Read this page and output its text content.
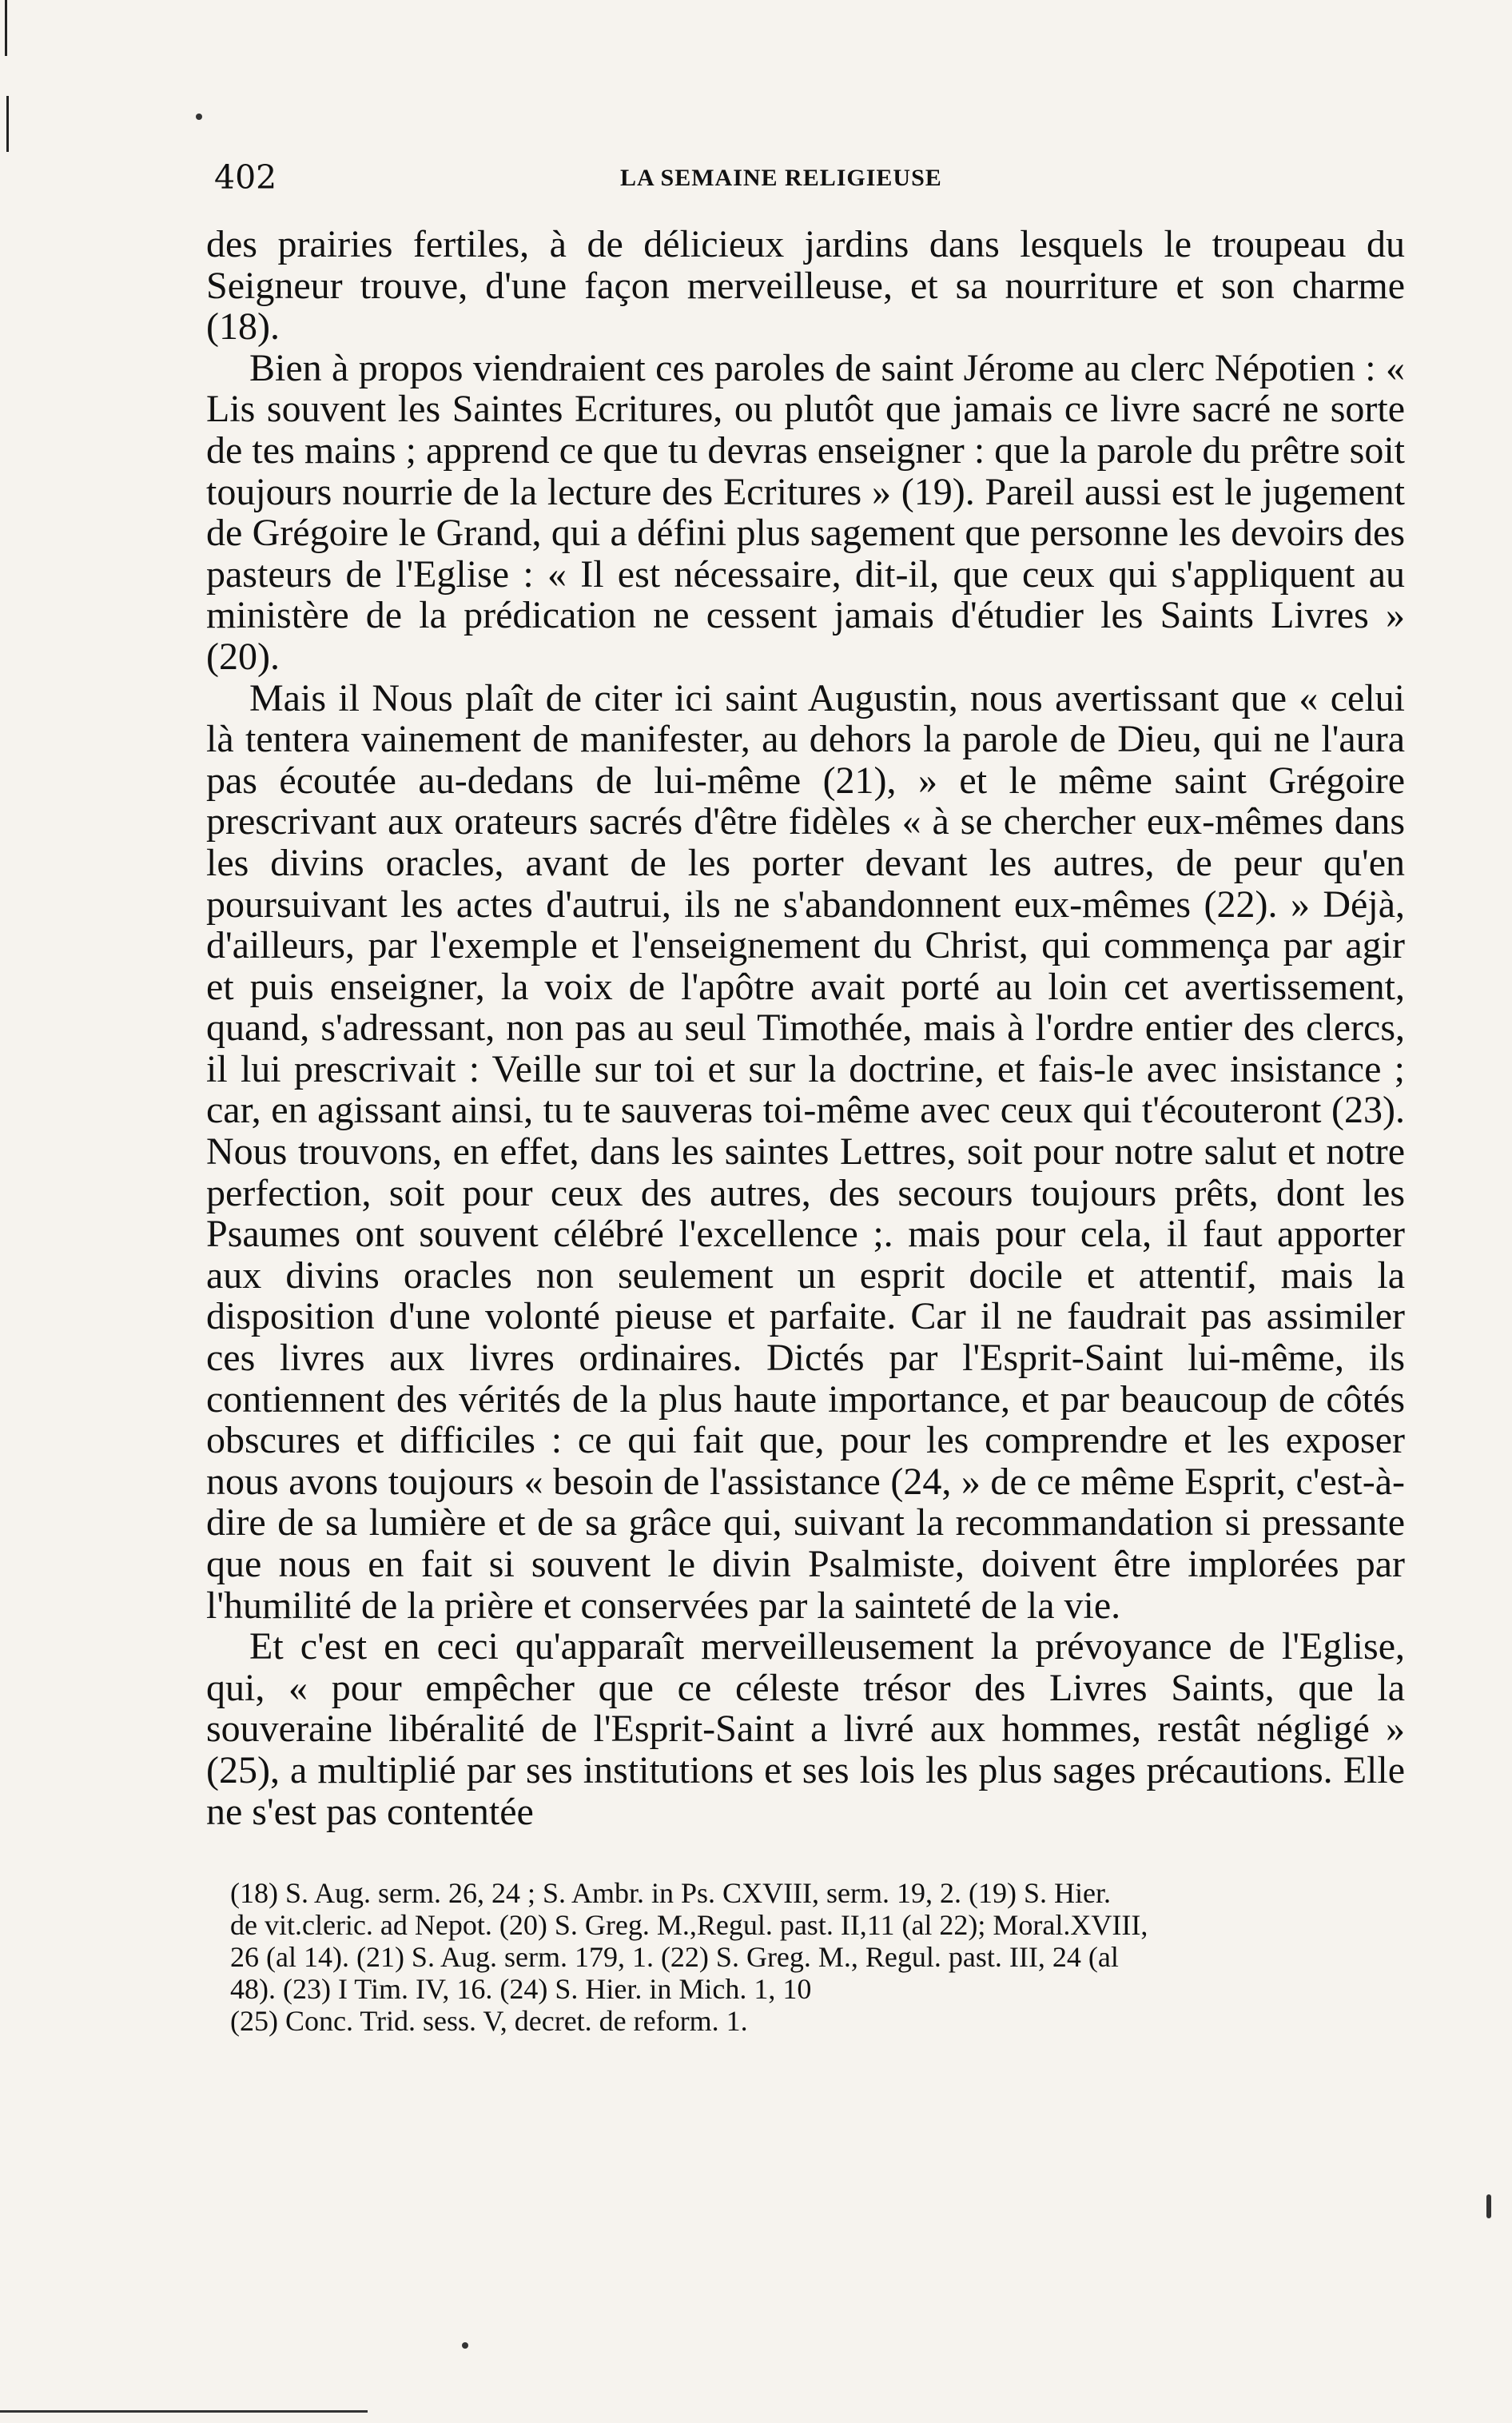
402	LA SEMAINE RELIGIEUSE

des prairies fertiles, à de délicieux jardins dans lesquels le troupeau du Seigneur trouve, d'une façon merveilleuse, et sa nourriture et son charme (18).

Bien à propos viendraient ces paroles de saint Jérome au clerc Népotien : « Lis souvent les Saintes Ecritures, ou plutôt que jamais ce livre sacré ne sorte de tes mains ; apprend ce que tu devras enseigner : que la parole du prêtre soit toujours nourrie de la lecture des Ecritures » (19). Pareil aussi est le jugement de Grégoire le Grand, qui a défini plus sagement que personne les devoirs des pasteurs de l'Eglise : « Il est nécessaire, dit-il, que ceux qui s'appliquent au ministère de la prédication ne cessent jamais d'étudier les Saints Livres » (20).

Mais il Nous plaît de citer ici saint Augustin, nous avertissant que « celui là tentera vainement de manifester, au dehors la parole de Dieu, qui ne l'aura pas écoutée au-dedans de lui-même (21), » et le même saint Grégoire prescrivant aux orateurs sacrés d'être fidèles « à se chercher eux-mêmes dans les divins oracles, avant de les porter devant les autres, de peur qu'en poursuivant les actes d'autrui, ils ne s'abandonnent eux-mêmes (22). » Déjà, d'ailleurs, par l'exemple et l'enseignement du Christ, qui commença par agir et puis enseigner, la voix de l'apôtre avait porté au loin cet avertissement, quand, s'adressant, non pas au seul Timothée, mais à l'ordre entier des clercs, il lui prescrivait : Veille sur toi et sur la doctrine, et fais-le avec insistance ; car, en agissant ainsi, tu te sauveras toi-même avec ceux qui t'écouteront (23). Nous trouvons, en effet, dans les saintes Lettres, soit pour notre salut et notre perfection, soit pour ceux des autres, des secours toujours prêts, dont les Psaumes ont souvent célébré l'excellence ;. mais pour cela, il faut apporter aux divins oracles non seulement un esprit docile et attentif, mais la disposition d'une volonté pieuse et parfaite. Car il ne faudrait pas assimiler ces livres aux livres ordinaires. Dictés par l'Esprit-Saint lui-même, ils contiennent des vérités de la plus haute importance, et par beaucoup de côtés obscures et difficiles : ce qui fait que, pour les comprendre et les exposer nous avons toujours « besoin de l'assistance (24, » de ce même Esprit, c'est-à-dire de sa lumière et de sa grâce qui, suivant la recommandation si pressante que nous en fait si souvent le divin Psalmiste, doivent être implorées par l'humilité de la prière et conservées par la sainteté de la vie.

Et c'est en ceci qu'apparaît merveilleusement la prévoyance de l'Eglise, qui, « pour empêcher que ce céleste trésor des Livres Saints, que la souveraine libéralité de l'Esprit-Saint a livré aux hommes, restât négligé » (25), a multiplié par ses institutions et ses lois les plus sages précautions. Elle ne s'est pas contentée

(18) S. Aug. serm. 26, 24 ; S. Ambr. in Ps. CXVIII, serm. 19, 2. (19) S. Hier.
de vit.cleric. ad Nepot. (20) S. Greg. M.,Regul. past. II,11 (al 22); Moral.XVIII,
26 (al 14). (21) S. Aug. serm. 179, 1. (22) S. Greg. M., Regul. past. III, 24 (al
48). (23) I Tim. IV, 16. (24) S. Hier. in Mich. 1, 10
(25) Conc. Trid. sess. V, decret. de reform. 1.
